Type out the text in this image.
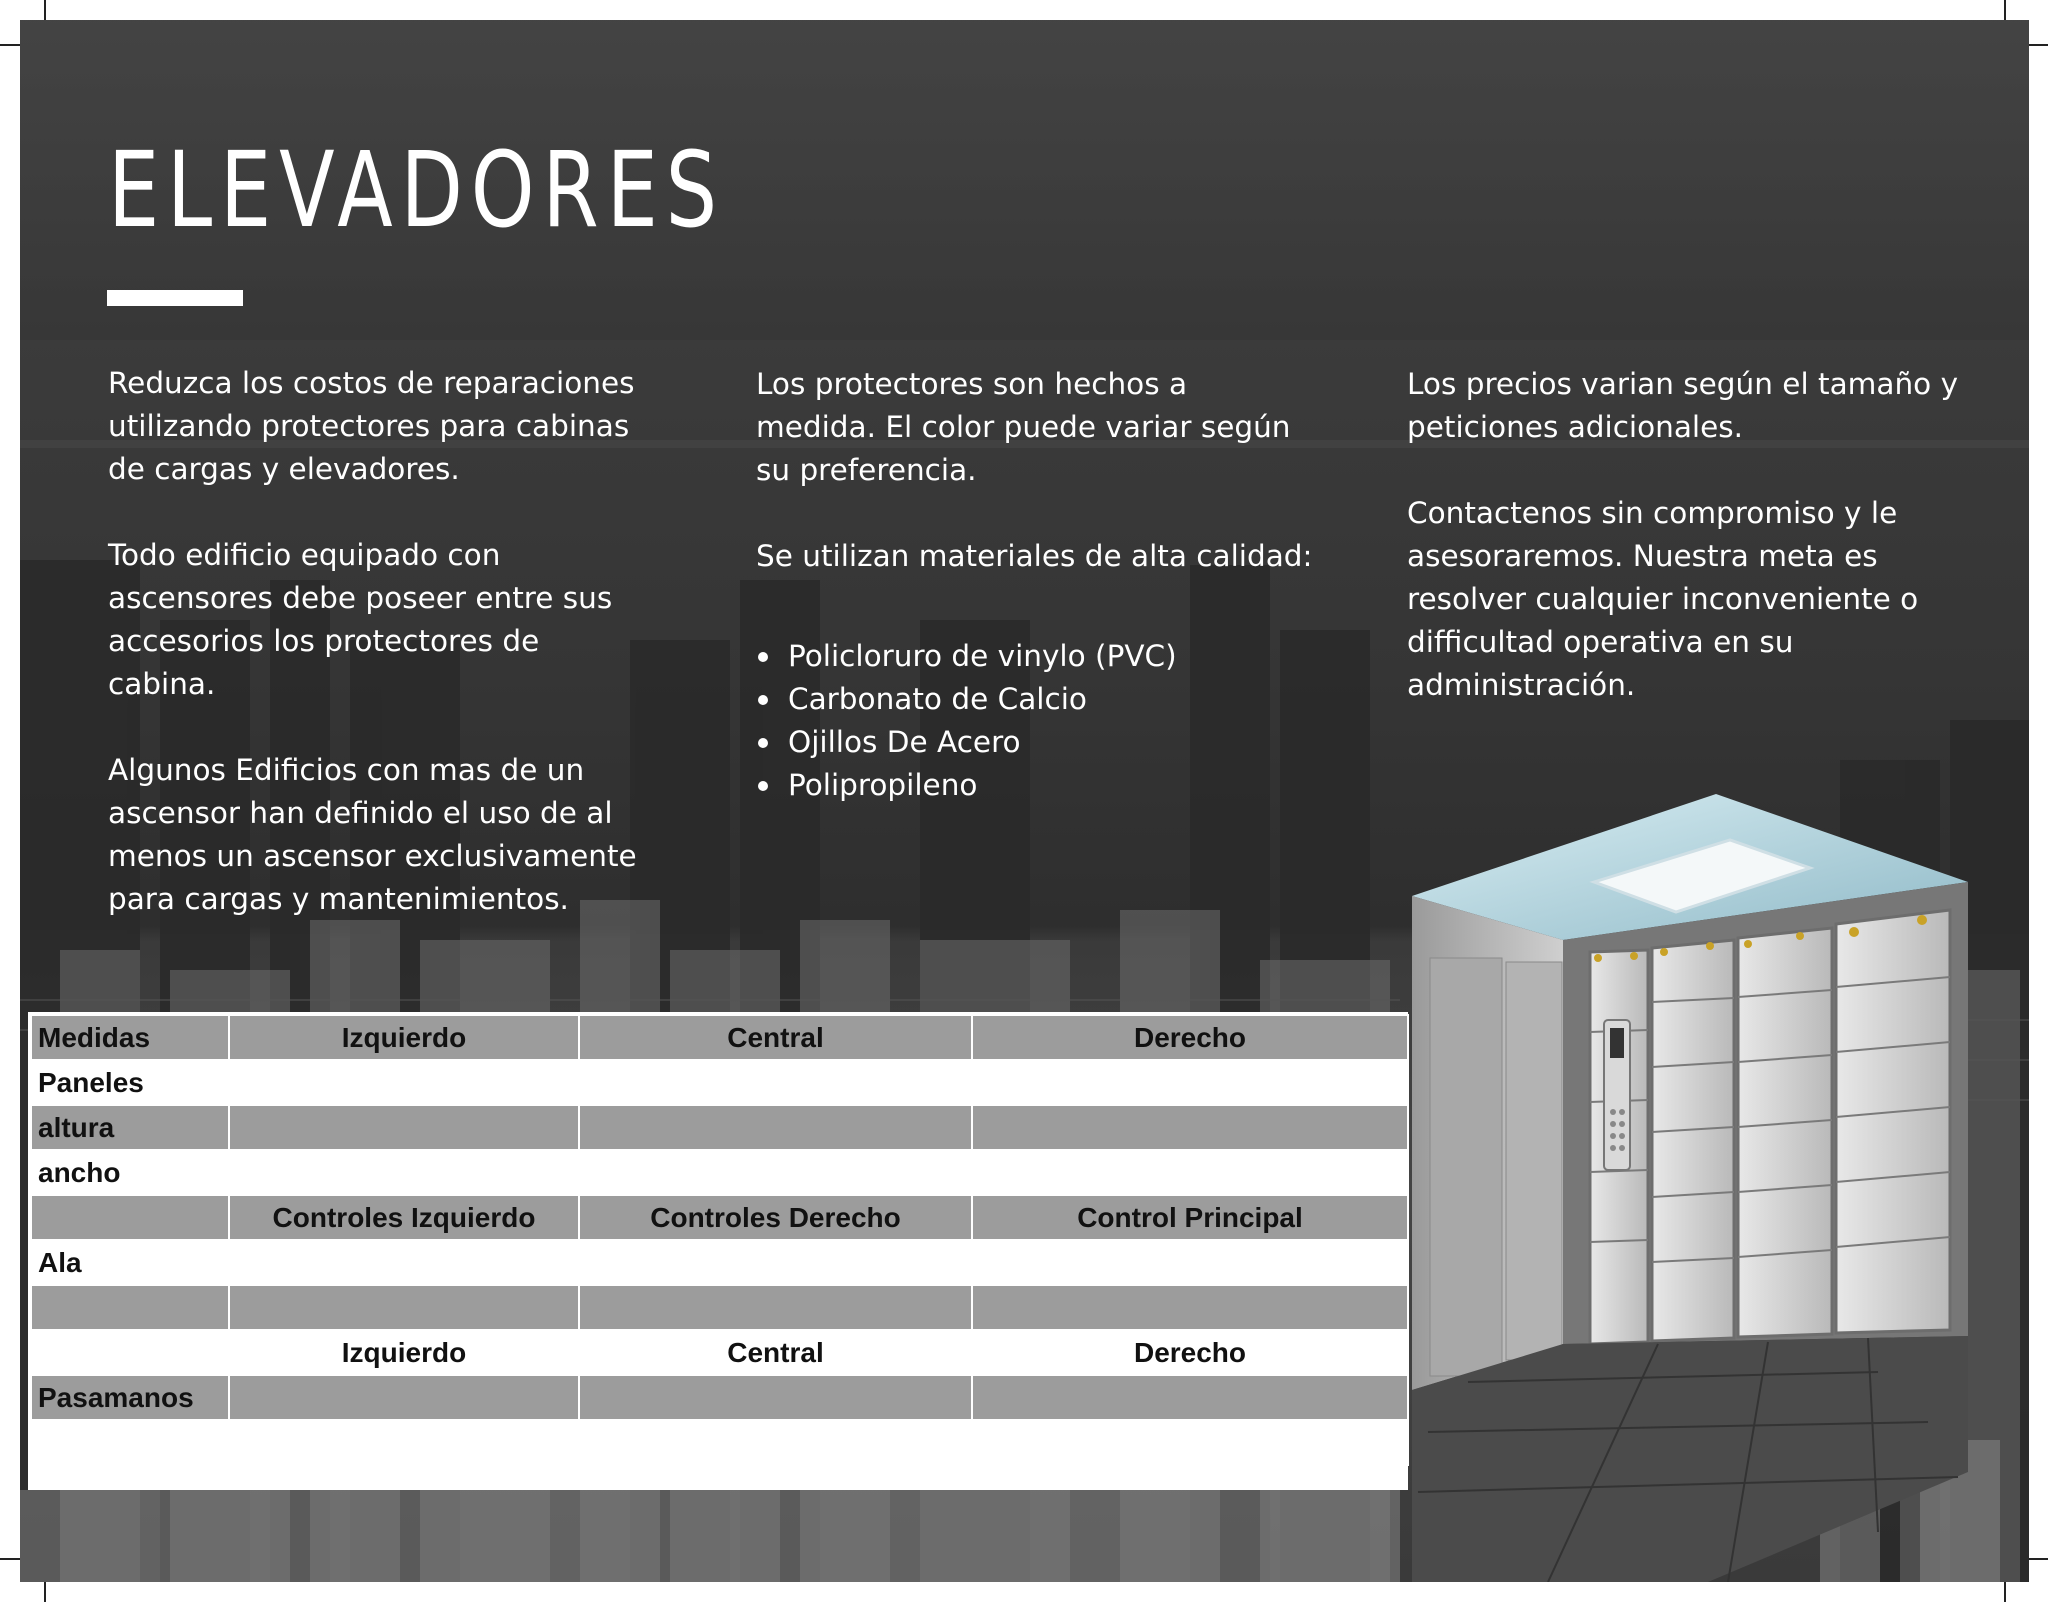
ELEVADORES

Reduzca los costos de reparaciones utilizando protectores para cabinas de cargas y elevadores.

Todo edificio equipado con ascensores debe poseer entre sus accesorios los protectores de cabina.

Algunos Edificios con mas de un ascensor han definido el uso de al menos un ascensor exclusivamente para cargas y mantenimientos.

Los protectores son hechos a medida. El color puede variar según su preferencia.

Se utilizan materiales de alta calidad:

Policloruro de vinylo (PVC)
Carbonato de Calcio
Ojillos De Acero
Polipropileno

Los precios varian según el tamaño y peticiones adicionales.

Contactenos sin compromiso y le asesoraremos. Nuestra meta es resolver cualquier inconveniente o difficultad operativa en su administración.

Medidas	Izquierdo	Central	Derecho
Paneles			
altura			
ancho			
	Controles Izquierdo	Controles Derecho	Control Principal
Ala			

	Izquierdo	Central	Derecho
Pasamanos			
